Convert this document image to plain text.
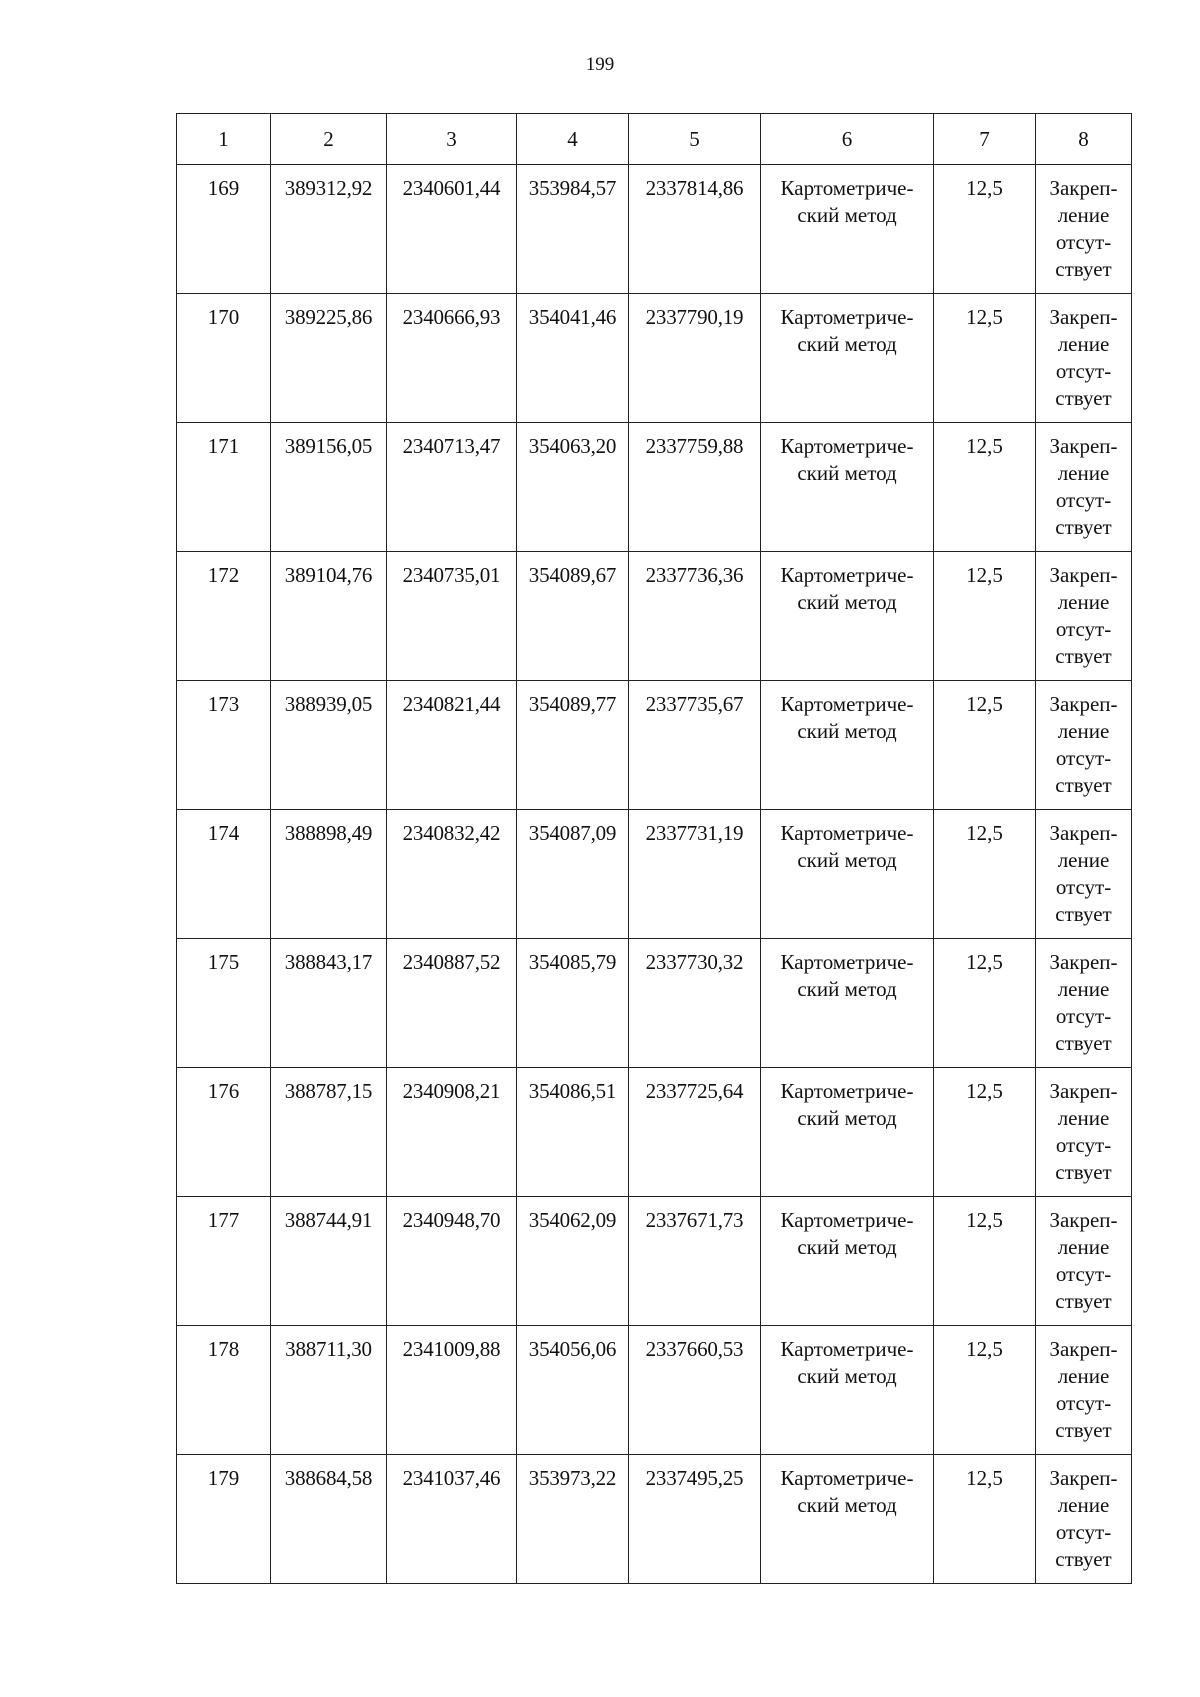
199
1	2	3	4	5	6	7	8

169	389312,92	2340601,44	353984,57	2337814,86	Картометриче-
ский метод	12,5	Закреп-
ление
отсут-
ствует

170	389225,86	2340666,93	354041,46	2337790,19	Картометриче-
ский метод	12,5	Закреп-
ление
отсут-
ствует

171	389156,05	2340713,47	354063,20	2337759,88	Картометриче-
ский метод	12,5	Закреп-
ление
отсут-
ствует

172	389104,76	2340735,01	354089,67	2337736,36	Картометриче-
ский метод	12,5	Закреп-
ление
отсут-
ствует

173	388939,05	2340821,44	354089,77	2337735,67	Картометриче-
ский метод	12,5	Закреп-
ление
отсут-
ствует

174	388898,49	2340832,42	354087,09	2337731,19	Картометриче-
ский метод	12,5	Закреп-
ление
отсут-
ствует

175	388843,17	2340887,52	354085,79	2337730,32	Картометриче-
ский метод	12,5	Закреп-
ление
отсут-
ствует

176	388787,15	2340908,21	354086,51	2337725,64	Картометриче-
ский метод	12,5	Закреп-
ление
отсут-
ствует

177	388744,91	2340948,70	354062,09	2337671,73	Картометриче-
ский метод	12,5	Закреп-
ление
отсут-
ствует

178	388711,30	2341009,88	354056,06	2337660,53	Картометриче-
ский метод	12,5	Закреп-
ление
отсут-
ствует

179	388684,58	2341037,46	353973,22	2337495,25	Картометриче-
ский метод	12,5	Закреп-
ление
отсут-
ствует
